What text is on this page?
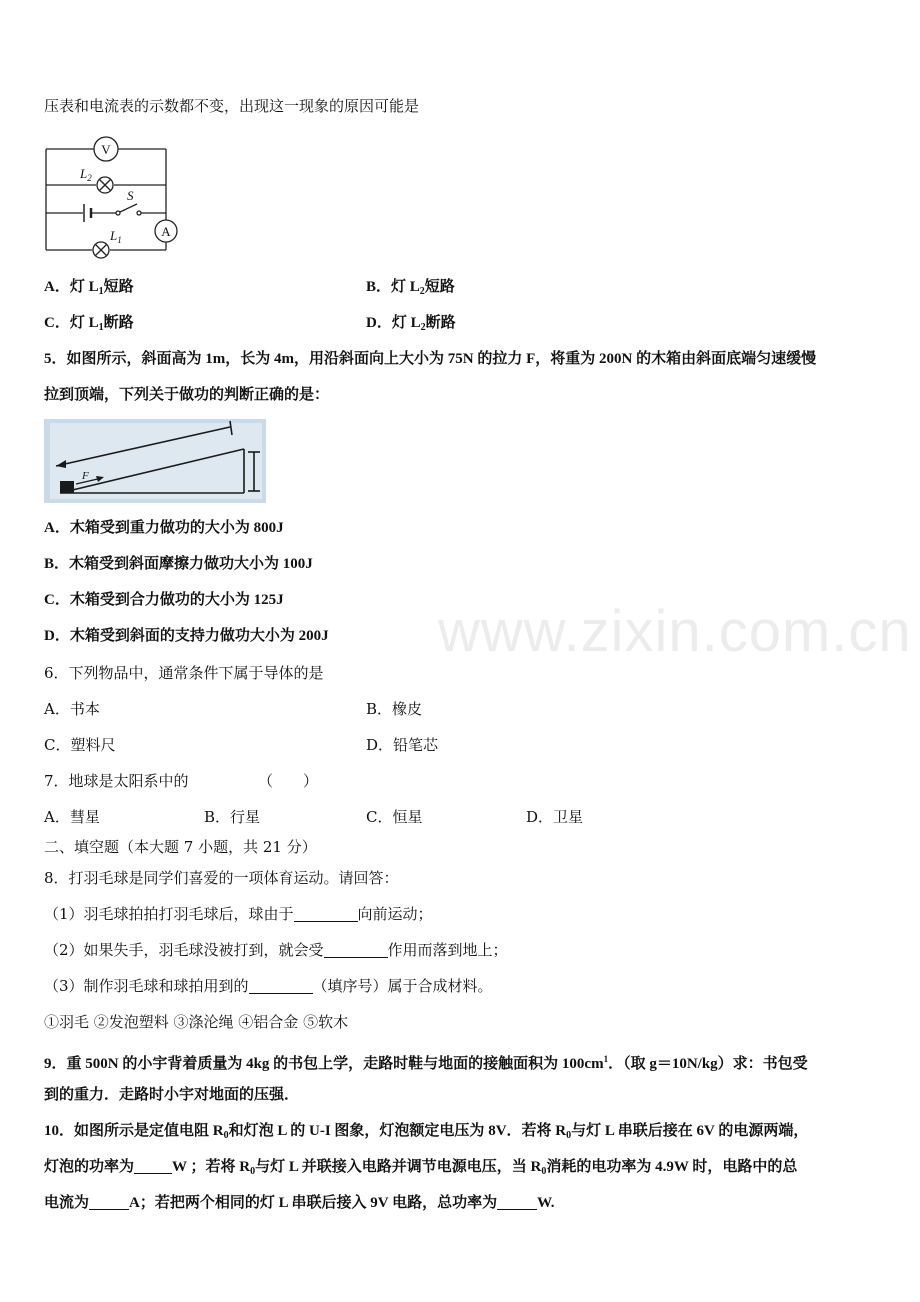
www.zixin.com.cn
压表和电流表的示数都不变，出现这一现象的原因可能是
V
$L_2$
S
A
$L_1$
A．灯 $L_1$短路	B．灯 $L_2$短路
C．灯 $L_1$断路	D．灯 $L_2$断路
5．如图所示，斜面高为 1m，长为 4m，用沿斜面向上大小为 75N 的拉力 F，将重为 200N 的木箱由斜面底端匀速缓慢
拉到顶端，下列关于做功的判断正确的是：
F
A．木箱受到重力做功的大小为 800J
B．木箱受到斜面摩擦力做功大小为 100J
C．木箱受到合力做功的大小为 125J
D．木箱受到斜面的支持力做功大小为 200J
6．下列物品中，通常条件下属于导体的是
A．书本	B．橡皮
C．塑料尺	D．铅笔芯
7．地球是太阳系中的	（　　）
A．彗星	B．行星	C．恒星	D．卫星
二、填空题（本大题 7 小题，共 21 分）
8．打羽毛球是同学们喜爱的一项体育运动。请回答：
（1）羽毛球拍拍打羽毛球后，球由于	向前运动；
（2）如果失手，羽毛球没被打到，就会受	作用而落到地上；
（3）制作羽毛球和球拍用到的	（填序号）属于合成材料。
①羽毛 ②发泡塑料 ③涤沦绳 ④铝合金 ⑤软木
9．重 500N 的小宇背着质量为 4kg 的书包上学，走路时鞋与地面的接触面积为 $100cm^1$．（取 g＝10N/kg）求：书包受
到的重力．走路时小宇对地面的压强．
10．如图所示是定值电阻 $R_0$和灯泡 L 的 U-I 图象，灯泡额定电压为 8V．若将 $R_0$与灯 L 串联后接在 6V 的电源两端，
灯泡的功率为	W ；若将 $R_0$与灯 L 并联接入电路并调节电源电压，当 $R_0$消耗的电功率为 4.9W 时，电路中的总
电流为	A；若把两个相同的灯 L 串联后接入 9V 电路，总功率为	W.
